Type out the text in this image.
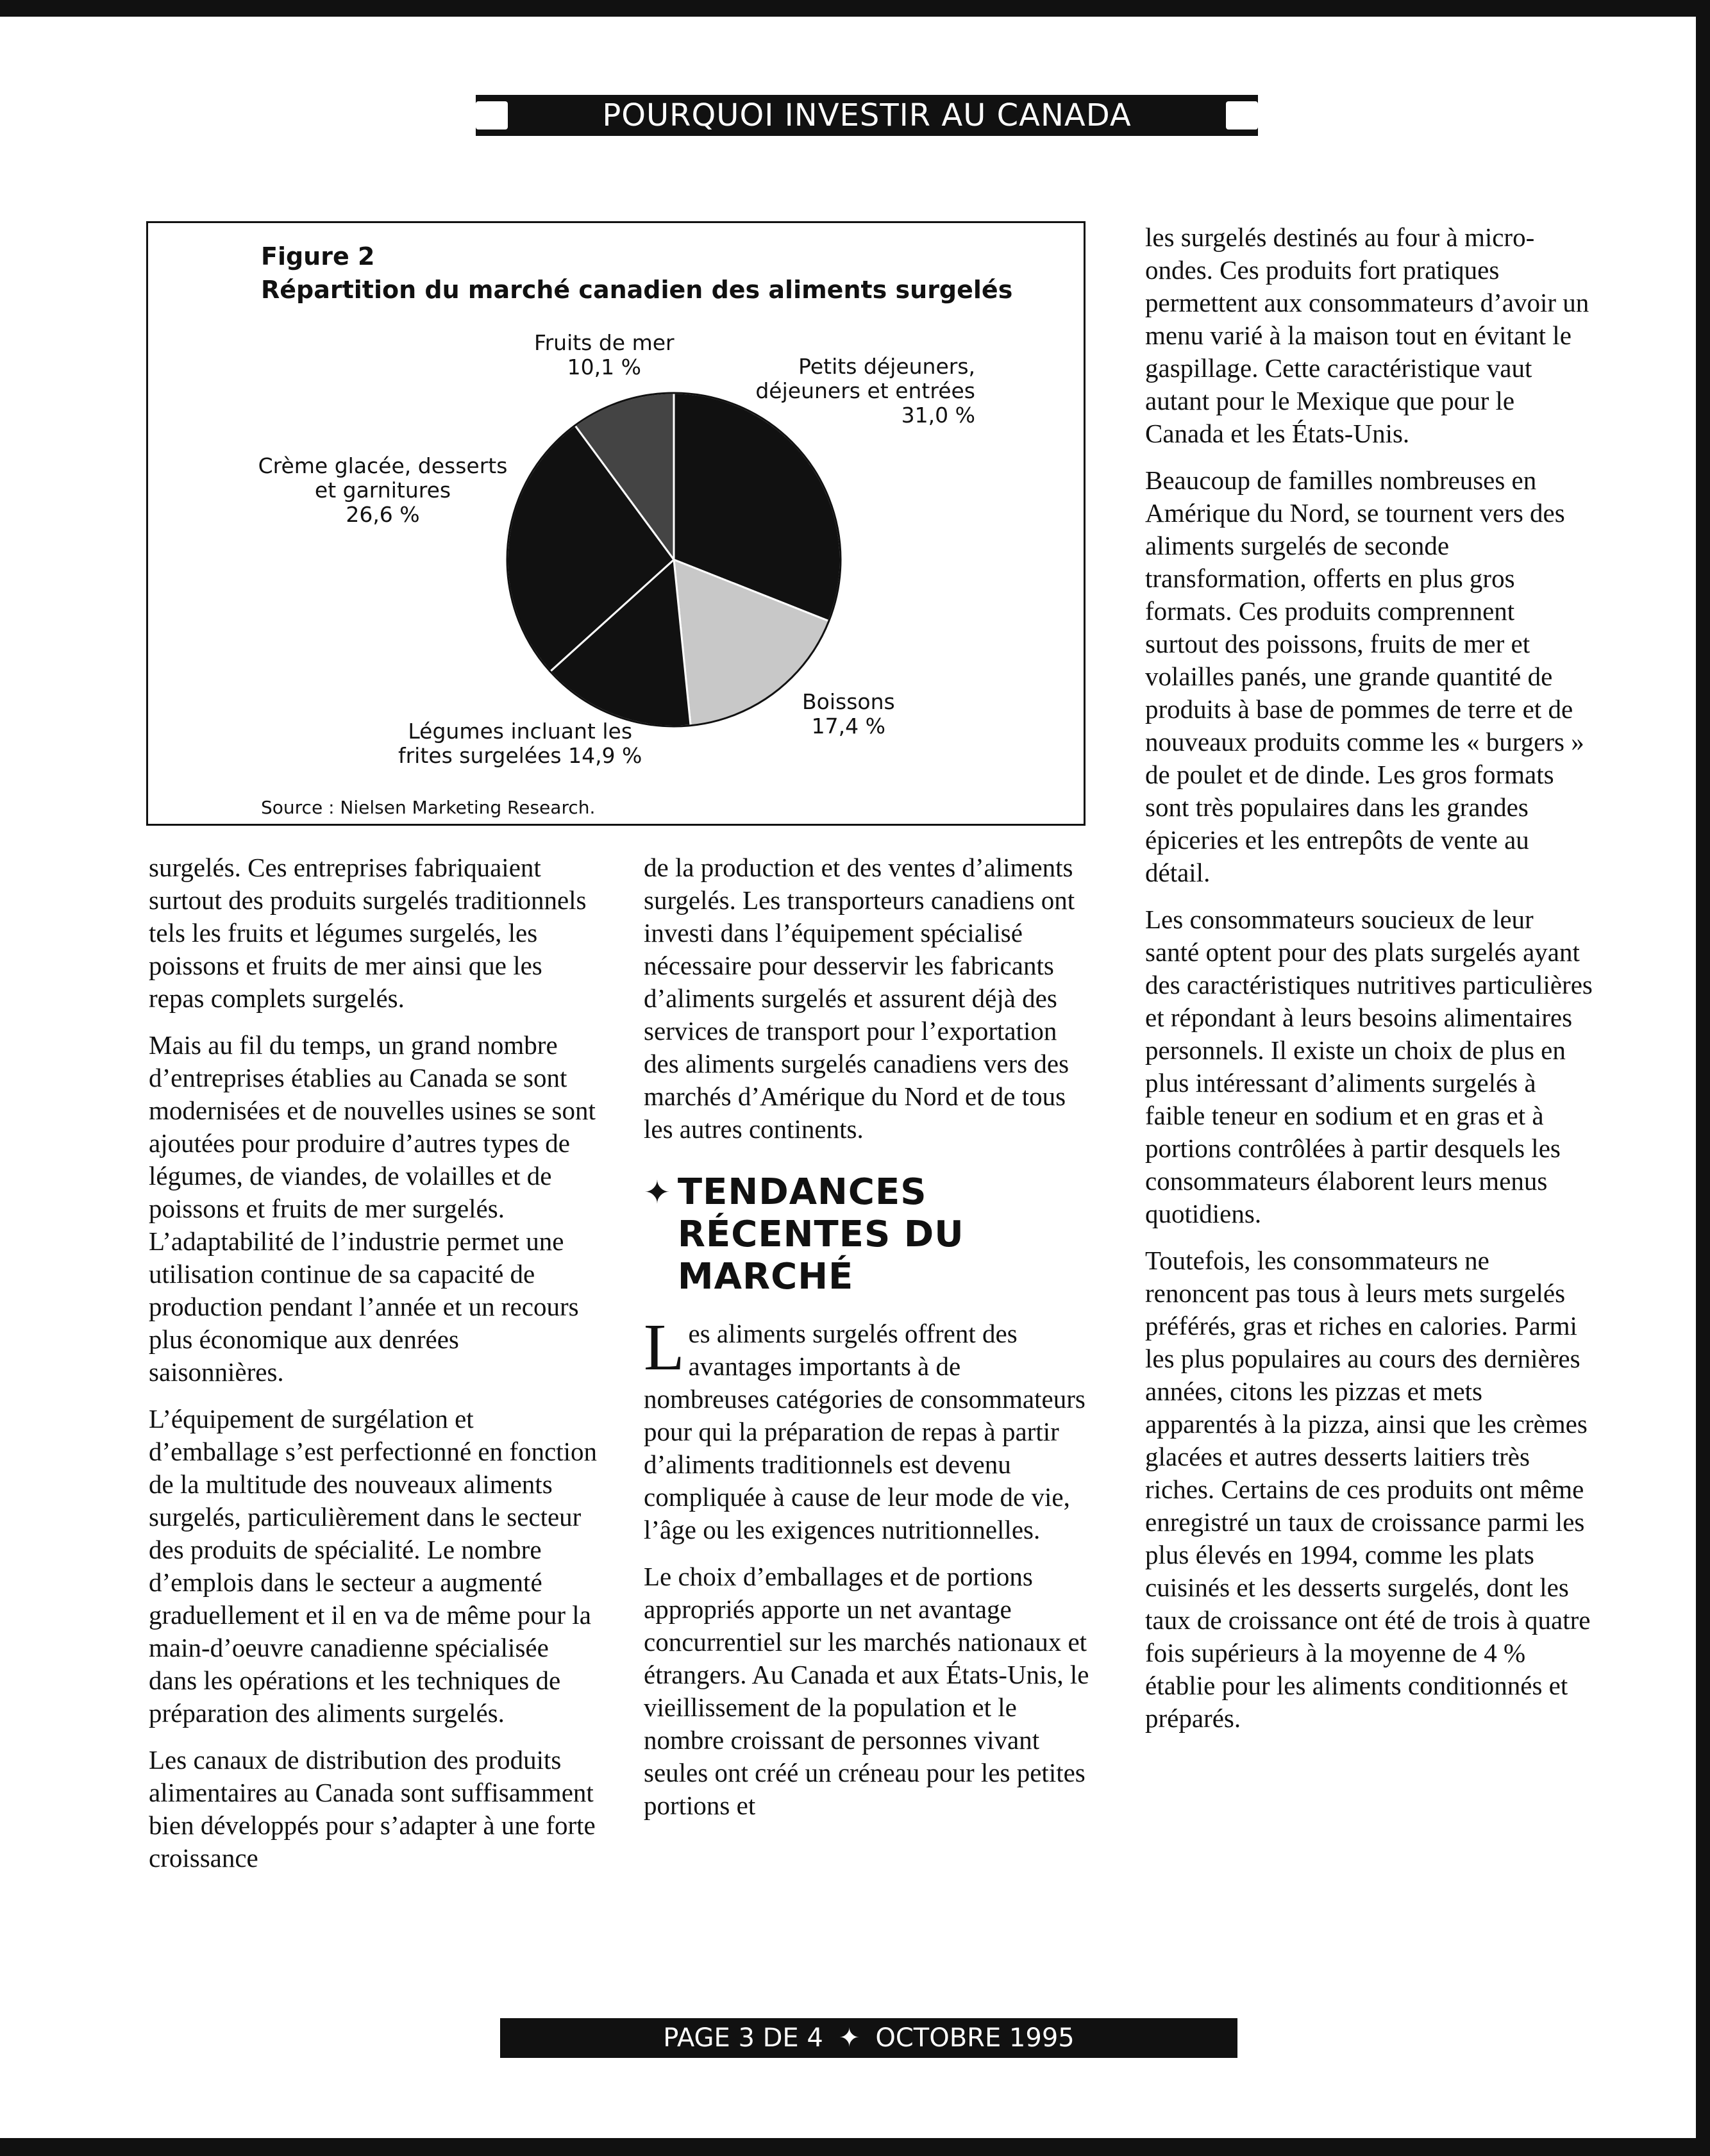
POURQUOI INVESTIR AU CANADA
Figure 2
Répartition du marché canadien des aliments surgelés
Fruits de mer
10,1 %	Petits déjeuners,
déjeuners et entrées
31,0 %
Crème glacée, desserts
et garnitures
26,6 %
Boissons
17,4 %
Légumes incluant les
frites surgelées 14,9 %
Source : Nielsen Marketing Research.

surgelés. Ces entreprises fabriquaient surtout des produits surgelés traditionnels tels les fruits et légumes surgelés, les poissons et fruits de mer ainsi que les repas complets surgelés.

Mais au fil du temps, un grand nombre d’entreprises établies au Canada se sont modernisées et de nouvelles usines se sont ajoutées pour produire d’autres types de légumes, de viandes, de volailles et de poissons et fruits de mer surgelés. L’adaptabilité de l’industrie permet une utilisation continue de sa capacité de production pendant l’année et un recours plus économique aux denrées saisonnières.

L’équipement de surgélation et d’emballage s’est perfectionné en fonction de la multitude des nouveaux aliments surgelés, particulièrement dans le secteur des produits de spécialité. Le nombre d’emplois dans le secteur a augmenté graduellement et il en va de même pour la main-d’oeuvre canadienne spécialisée dans les opérations et les techniques de préparation des aliments surgelés.

Les canaux de distribution des produits alimentaires au Canada sont suffisamment bien développés pour s’adapter à une forte croissance

de la production et des ventes d’aliments surgelés. Les transporteurs canadiens ont investi dans l’équipement spécialisé nécessaire pour desservir les fabricants d’aliments surgelés et assurent déjà des services de transport pour l’exportation des aliments surgelés canadiens vers des marchés d’Amérique du Nord et de tous les autres continents.

✦ TENDANCES
RÉCENTES DU
MARCHÉ

Les aliments surgelés offrent des avantages importants à de nombreuses catégories de consommateurs pour qui la préparation de repas à partir d’aliments traditionnels est devenu compliquée à cause de leur mode de vie, l’âge ou les exigences nutritionnelles.

Le choix d’emballages et de portions appropriés apporte un net avantage concurrentiel sur les marchés nationaux et étrangers. Au Canada et aux États-Unis, le vieillissement de la population et le nombre croissant de personnes vivant seules ont créé un créneau pour les petites portions et

les surgelés destinés au four à micro-ondes. Ces produits fort pratiques permettent aux consommateurs d’avoir un menu varié à la maison tout en évitant le gaspillage. Cette caractéristique vaut autant pour le Mexique que pour le Canada et les États-Unis.

Beaucoup de familles nombreuses en Amérique du Nord, se tournent vers des aliments surgelés de seconde transformation, offerts en plus gros formats. Ces produits comprennent surtout des poissons, fruits de mer et volailles panés, une grande quantité de produits à base de pommes de terre et de nouveaux produits comme les « burgers » de poulet et de dinde. Les gros formats sont très populaires dans les grandes épiceries et les entrepôts de vente au détail.

Les consommateurs soucieux de leur santé optent pour des plats surgelés ayant des caractéristiques nutritives particulières et répondant à leurs besoins alimentaires personnels. Il existe un choix de plus en plus intéressant d’aliments surgelés à faible teneur en sodium et en gras et à portions contrôlées à partir desquels les consommateurs élaborent leurs menus quotidiens.

Toutefois, les consommateurs ne renoncent pas tous à leurs mets surgelés préférés, gras et riches en calories. Parmi les plus populaires au cours des dernières années, citons les pizzas et mets apparentés à la pizza, ainsi que les crèmes glacées et autres desserts laitiers très riches. Certains de ces produits ont même enregistré un taux de croissance parmi les plus élevés en 1994, comme les plats cuisinés et les desserts surgelés, dont les taux de croissance ont été de trois à quatre fois supérieurs à la moyenne de 4 % établie pour les aliments conditionnés et préparés.

PAGE 3 DE 4 ✦ OCTOBRE 1995
